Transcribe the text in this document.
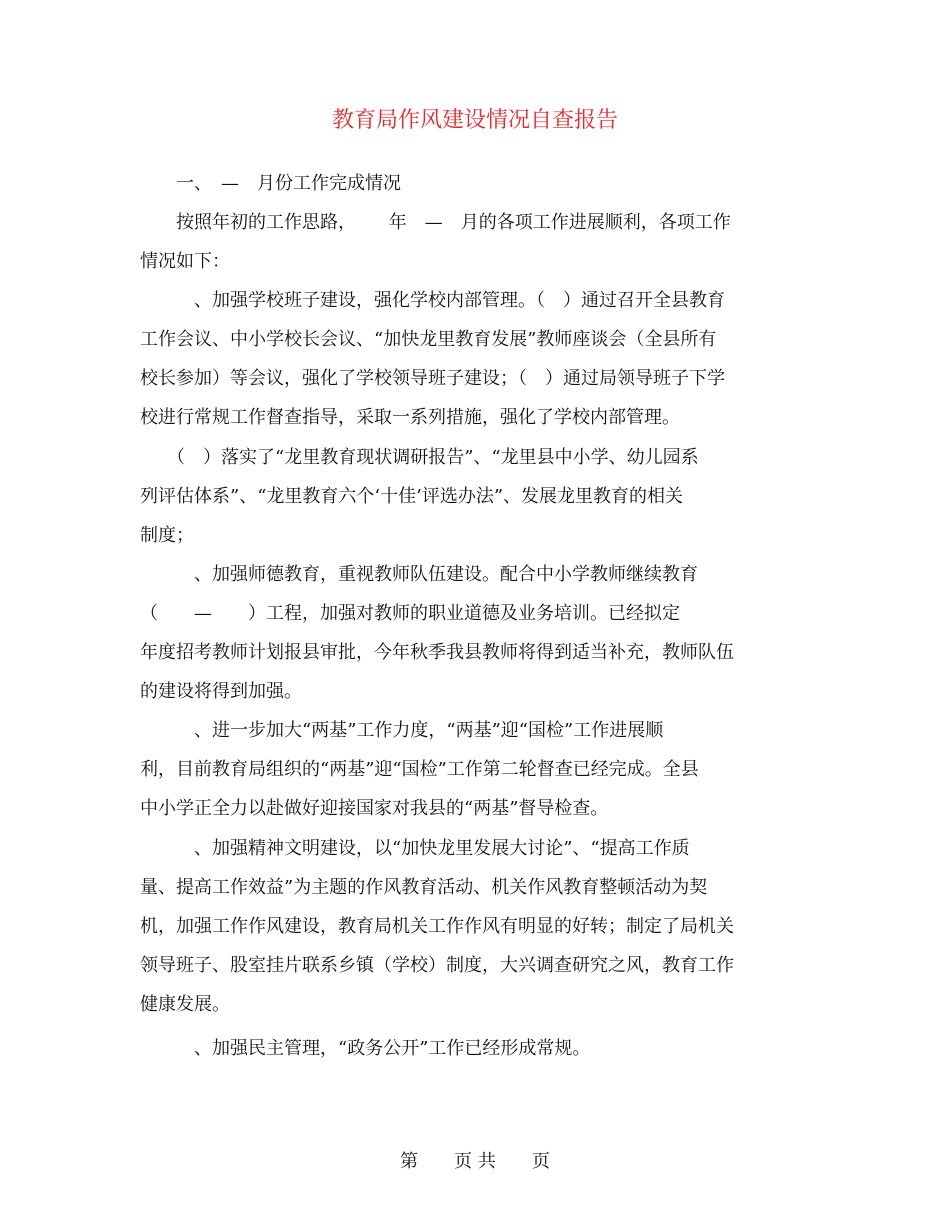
教育局作风建设情况自查报告
　　一、　—　月份工作完成情况
　　按照年初的工作思路，　　 年　—　月的各项工作进展顺利，各项工作
情况如下：
　　　、加强学校班子建设，强化学校内部管理。（　）通过召开全县教育
工作会议、中小学校长会议、“加快龙里教育发展”教师座谈会（全县所有
校长参加）等会议，强化了学校领导班子建设；（　）通过局领导班子下学
校进行常规工作督查指导，采取一系列措施，强化了学校内部管理。
　　（　）落实了“龙里教育现状调研报告”、“龙里县中小学、幼儿园系
列评估体系”、“龙里教育六个‘十佳’评选办法”、发展龙里教育的相关
制度；
　　　、加强师德教育，重视教师队伍建设。配合中小学教师继续教育
（　　—　　）工程，加强对教师的职业道德及业务培训。已经拟定
年度招考教师计划报县审批，今年秋季我县教师将得到适当补充，教师队伍
的建设将得到加强。
　　　、进一步加大“两基”工作力度，“两基”迎“国检”工作进展顺
利，目前教育局组织的“两基”迎“国检”工作第二轮督查已经完成。全县
中小学正全力以赴做好迎接国家对我县的“两基”督导检查。
　　　、加强精神文明建设，以“加快龙里发展大讨论”、“提高工作质
量、提高工作效益”为主题的作风教育活动、机关作风教育整顿活动为契
机，加强工作作风建设，教育局机关工作作风有明显的好转；制定了局机关
领导班子、股室挂片联系乡镇（学校）制度，大兴调查研究之风，教育工作
健康发展。
　　　、加强民主管理，“政务公开”工作已经形成常规。
第　　页 共　　页
